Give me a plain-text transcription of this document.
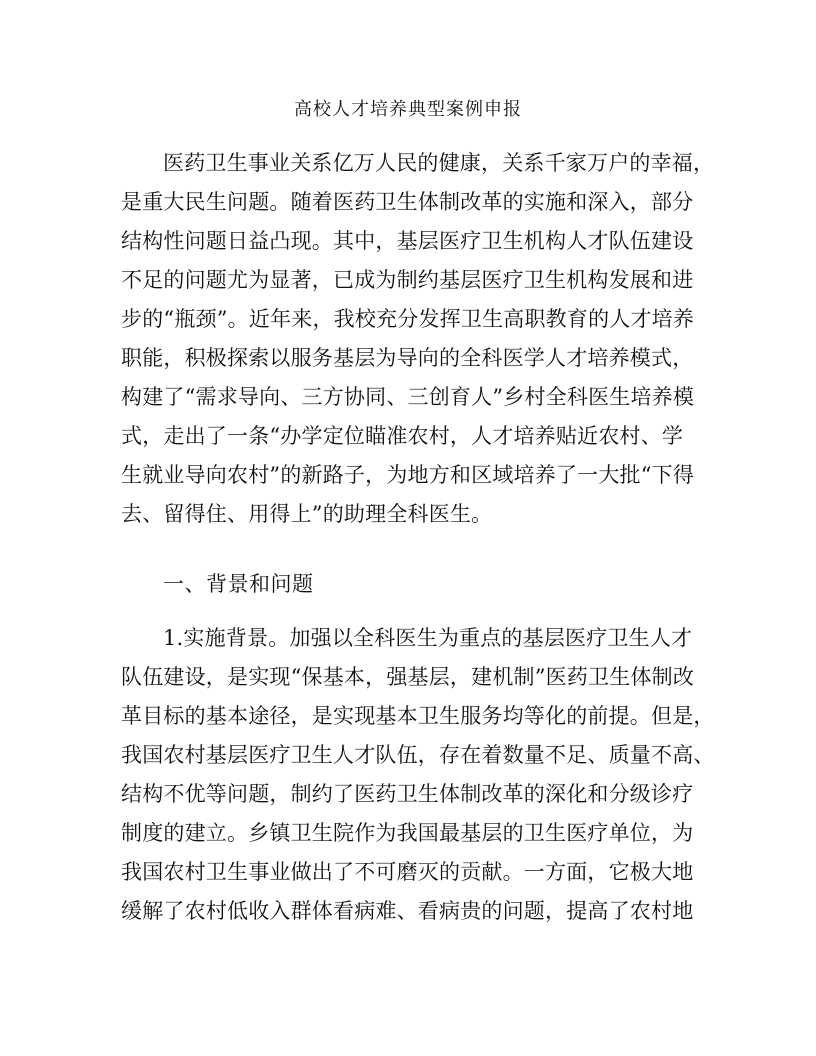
高校人才培养典型案例申报
医药卫生事业关系亿万人民的健康，关系千家万户的幸福，
是重大民生问题。随着医药卫生体制改革的实施和深入，部分
结构性问题日益凸现。其中，基层医疗卫生机构人才队伍建设
不足的问题尤为显著，已成为制约基层医疗卫生机构发展和进
步的“瓶颈”。近年来，我校充分发挥卫生高职教育的人才培养
职能，积极探索以服务基层为导向的全科医学人才培养模式，
构建了“需求导向、三方协同、三创育人”乡村全科医生培养模
式，走出了一条“办学定位瞄准农村，人才培养贴近农村、学
生就业导向农村”的新路子，为地方和区域培养了一大批“下得
去、留得住、用得上”的助理全科医生。
一、背景和问题
1.实施背景。加强以全科医生为重点的基层医疗卫生人才
队伍建设，是实现“保基本，强基层，建机制”医药卫生体制改
革目标的基本途径，是实现基本卫生服务均等化的前提。但是，
我国农村基层医疗卫生人才队伍，存在着数量不足、质量不高、
结构不优等问题，制约了医药卫生体制改革的深化和分级诊疗
制度的建立。乡镇卫生院作为我国最基层的卫生医疗单位，为
我国农村卫生事业做出了不可磨灭的贡献。一方面，它极大地
缓解了农村低收入群体看病难、看病贵的问题，提高了农村地
